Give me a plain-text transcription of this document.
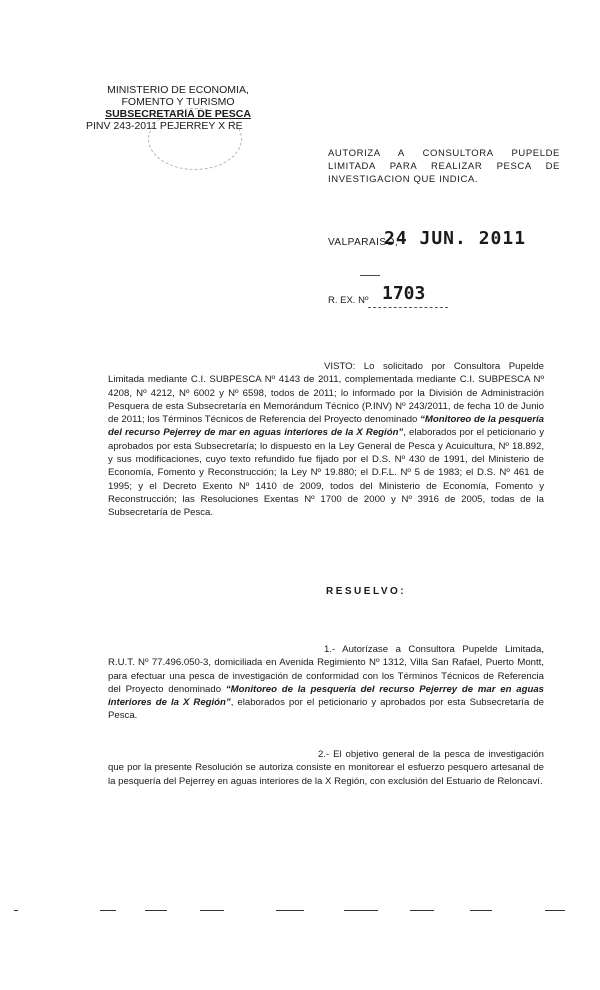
MINISTERIO DE ECONOMIA,
FOMENTO Y TURISMO
SUBSECRETARIA DE PESCA
PINV 243-2011 PEJERREY X RE
AUTORIZA A CONSULTORA PUPELDE LIMITADA PARA REALIZAR PESCA DE INVESTIGACION QUE INDICA.
VALPARAISO,
24 JUN. 2011
1703
R. EX. Nº
VISTO: Lo solicitado por Consultora Pupelde Limitada mediante C.I. SUBPESCA Nº 4143 de 2011, complementada mediante C.I. SUBPESCA Nº 4208, Nº 4212, Nº 6002 y Nº 6598, todos de 2011; lo informado por la División de Administración Pesquera de esta Subsecretaría en Memorándum Técnico (P.INV) Nº 243/2011, de fecha 10 de Junio de 2011; los Términos Técnicos de Referencia del Proyecto denominado “Monitoreo de la pesquería del recurso Pejerrey de mar en aguas interiores de la X Región”, elaborados por el peticionario y aprobados por esta Subsecretaría; lo dispuesto en la Ley General de Pesca y Acuicultura, Nº 18.892, y sus modificaciones, cuyo texto refundido fue fijado por el D.S. Nº 430 de 1991, del Ministerio de Economía, Fomento y Reconstrucción; la Ley Nº 19.880; el D.F.L. Nº 5 de 1983; el D.S. Nº 461 de 1995; y el Decreto Exento Nº 1410 de 2009, todos del Ministerio de Economía, Fomento y Reconstrucción; las Resoluciones Exentas Nº 1700 de 2000 y Nº 3916 de 2005, todas de la Subsecretaría de Pesca.
RESUELVO:
1.- Autorízase a Consultora Pupelde Limitada, R.U.T. Nº 77.496.050-3, domiciliada en Avenida Regimiento Nº 1312, Villa San Rafael, Puerto Montt, para efectuar una pesca de investigación de conformidad con los Términos Técnicos de Referencia del Proyecto denominado “Monitoreo de la pesquería del recurso Pejerrey de mar en aguas interiores de la X Región”, elaborados por el peticionario y aprobados por esta Subsecretaría de Pesca.
2.- El objetivo general de la pesca de investigación que por la presente Resolución se autoriza consiste en monitorear el esfuerzo pesquero artesanal de la pesquería del Pejerrey en aguas interiores de la X Región, con exclusión del Estuario de Reloncaví.
